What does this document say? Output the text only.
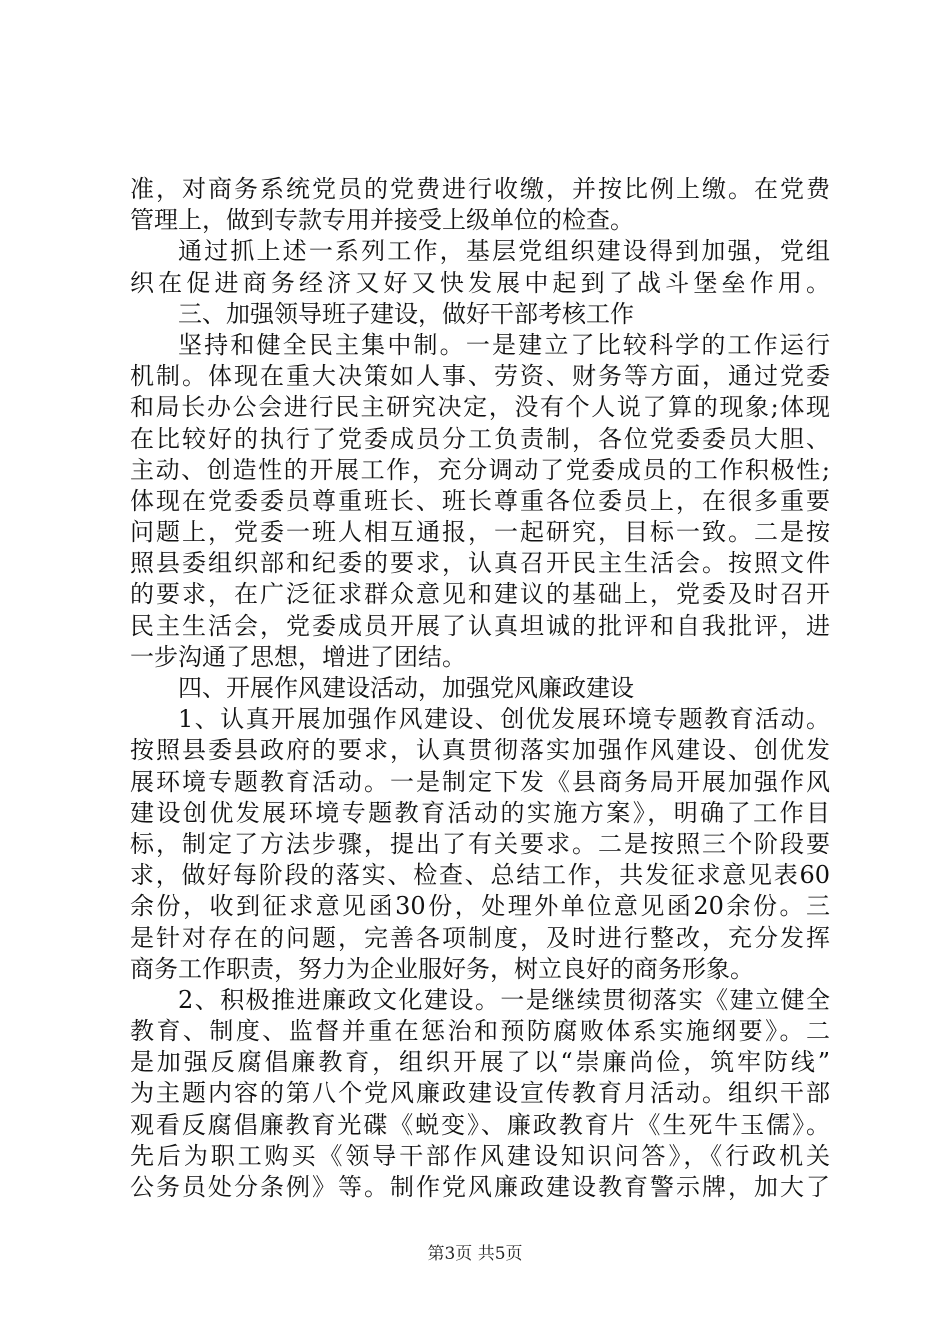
准，对商务系统党员的党费进行收缴，并按比例上缴。在党费
管理上，做到专款专用并接受上级单位的检查。
通过抓上述一系列工作，基层党组织建设得到加强，党组
织在促进商务经济又好又快发展中起到了战斗堡垒作用。
三、加强领导班子建设，做好干部考核工作
坚持和健全民主集中制。一是建立了比较科学的工作运行
机制。体现在重大决策如人事、劳资、财务等方面，通过党委
和局长办公会进行民主研究决定，没有个人说了算的现象;体现
在比较好的执行了党委成员分工负责制，各位党委委员大胆、
主动、创造性的开展工作，充分调动了党委成员的工作积极性;
体现在党委委员尊重班长、班长尊重各位委员上，在很多重要
问题上，党委一班人相互通报，一起研究，目标一致。二是按
照县委组织部和纪委的要求，认真召开民主生活会。按照文件
的要求，在广泛征求群众意见和建议的基础上，党委及时召开
民主生活会，党委成员开展了认真坦诚的批评和自我批评，进
一步沟通了思想，增进了团结。
四、开展作风建设活动，加强党风廉政建设
1、认真开展加强作风建设、创优发展环境专题教育活动。
按照县委县政府的要求，认真贯彻落实加强作风建设、创优发
展环境专题教育活动。一是制定下发《县商务局开展加强作风
建设创优发展环境专题教育活动的实施方案》，明确了工作目
标，制定了方法步骤，提出了有关要求。二是按照三个阶段要
求，做好每阶段的落实、检查、总结工作，共发征求意见表60
余份，收到征求意见函30份，处理外单位意见函20余份。三
是针对存在的问题，完善各项制度，及时进行整改，充分发挥
商务工作职责，努力为企业服好务，树立良好的商务形象。
2、积极推进廉政文化建设。一是继续贯彻落实《建立健全
教育、制度、监督并重在惩治和预防腐败体系实施纲要》。二
是加强反腐倡廉教育，组织开展了以“崇廉尚俭，筑牢防线”
为主题内容的第八个党风廉政建设宣传教育月活动。组织干部
观看反腐倡廉教育光碟《蜕变》、廉政教育片《生死牛玉儒》。
先后为职工购买《领导干部作风建设知识问答》，《行政机关
公务员处分条例》等。制作党风廉政建设教育警示牌，加大了
第3页 共5页
